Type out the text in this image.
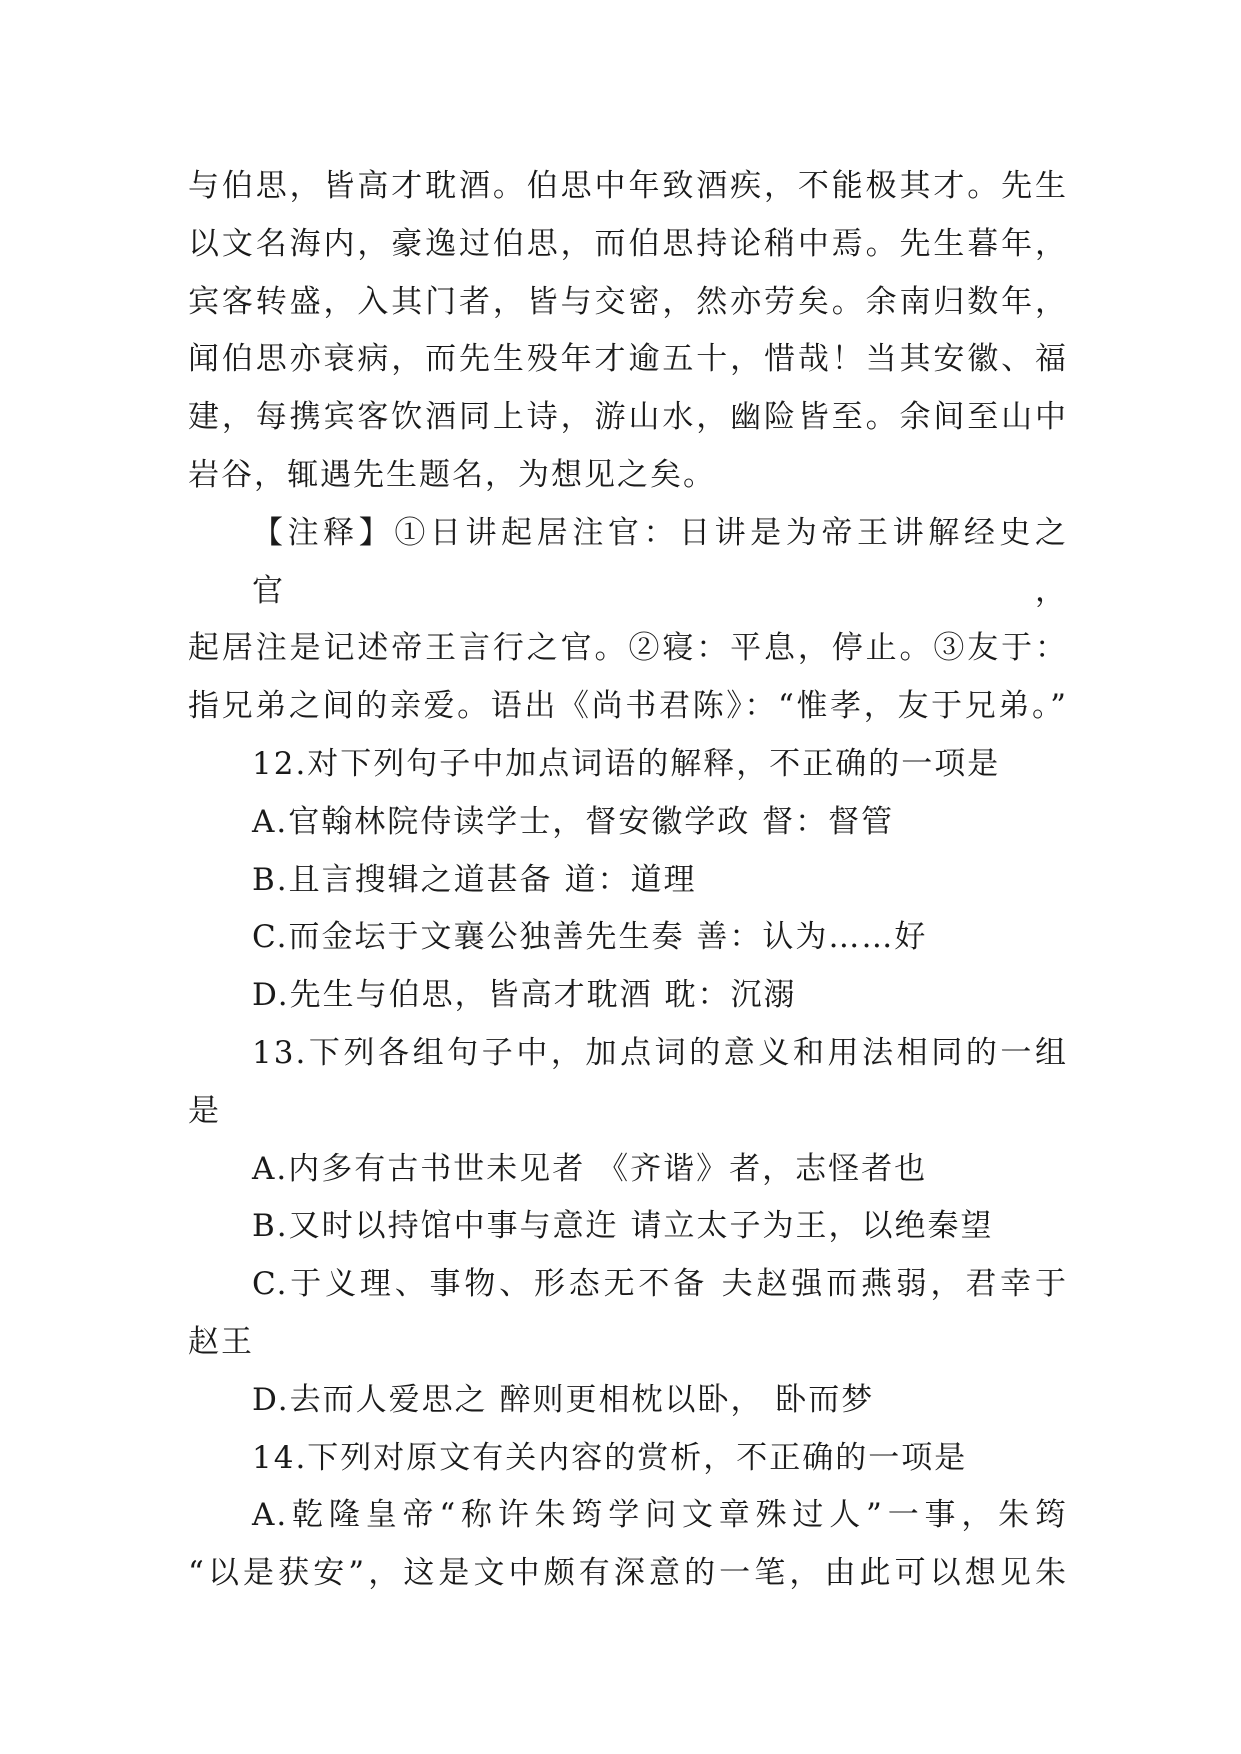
与伯思，皆高才耽酒。伯思中年致酒疾，不能极其才。先生
以文名海内，豪逸过伯思，而伯思持论稍中焉。先生暮年，
宾客转盛，入其门者，皆与交密，然亦劳矣。余南归数年，
闻伯思亦衰病，而先生殁年才逾五十，惜哉！当其安徽、福
建，每携宾客饮酒同上诗，游山水，幽险皆至。余间至山中
岩谷，辄遇先生题名，为想见之矣。

【注释】①日讲起居注官：日讲是为帝王讲解经史之官，
起居注是记述帝王言行之官。②寝：平息，停止。③友于：
指兄弟之间的亲爱。语出《尚书君陈》：“惟孝，友于兄弟。”

12.对下列句子中加点词语的解释，不正确的一项是
A.官翰林院侍读学士，督安徽学政 督：督管
B.且言搜辑之道甚备 道：道理
C.而金坛于文襄公独善先生奏 善：认为……好
D.先生与伯思，皆高才耽酒 耽：沉溺

13.下列各组句子中，加点词的意义和用法相同的一组
是
A.内多有古书世未见者 《齐谐》者，志怪者也
B.又时以持馆中事与意迕 请立太子为王，以绝秦望
C.于义理、事物、形态无不备 夫赵强而燕弱，君幸于
赵王
D.去而人爱思之 醉则更相枕以卧， 卧而梦

14.下列对原文有关内容的赏析，不正确的一项是
A.乾隆皇帝“称许朱筠学问文章殊过人”一事，朱筠
“以是获安”，这是文中颇有深意的一笔，由此可以想见朱
